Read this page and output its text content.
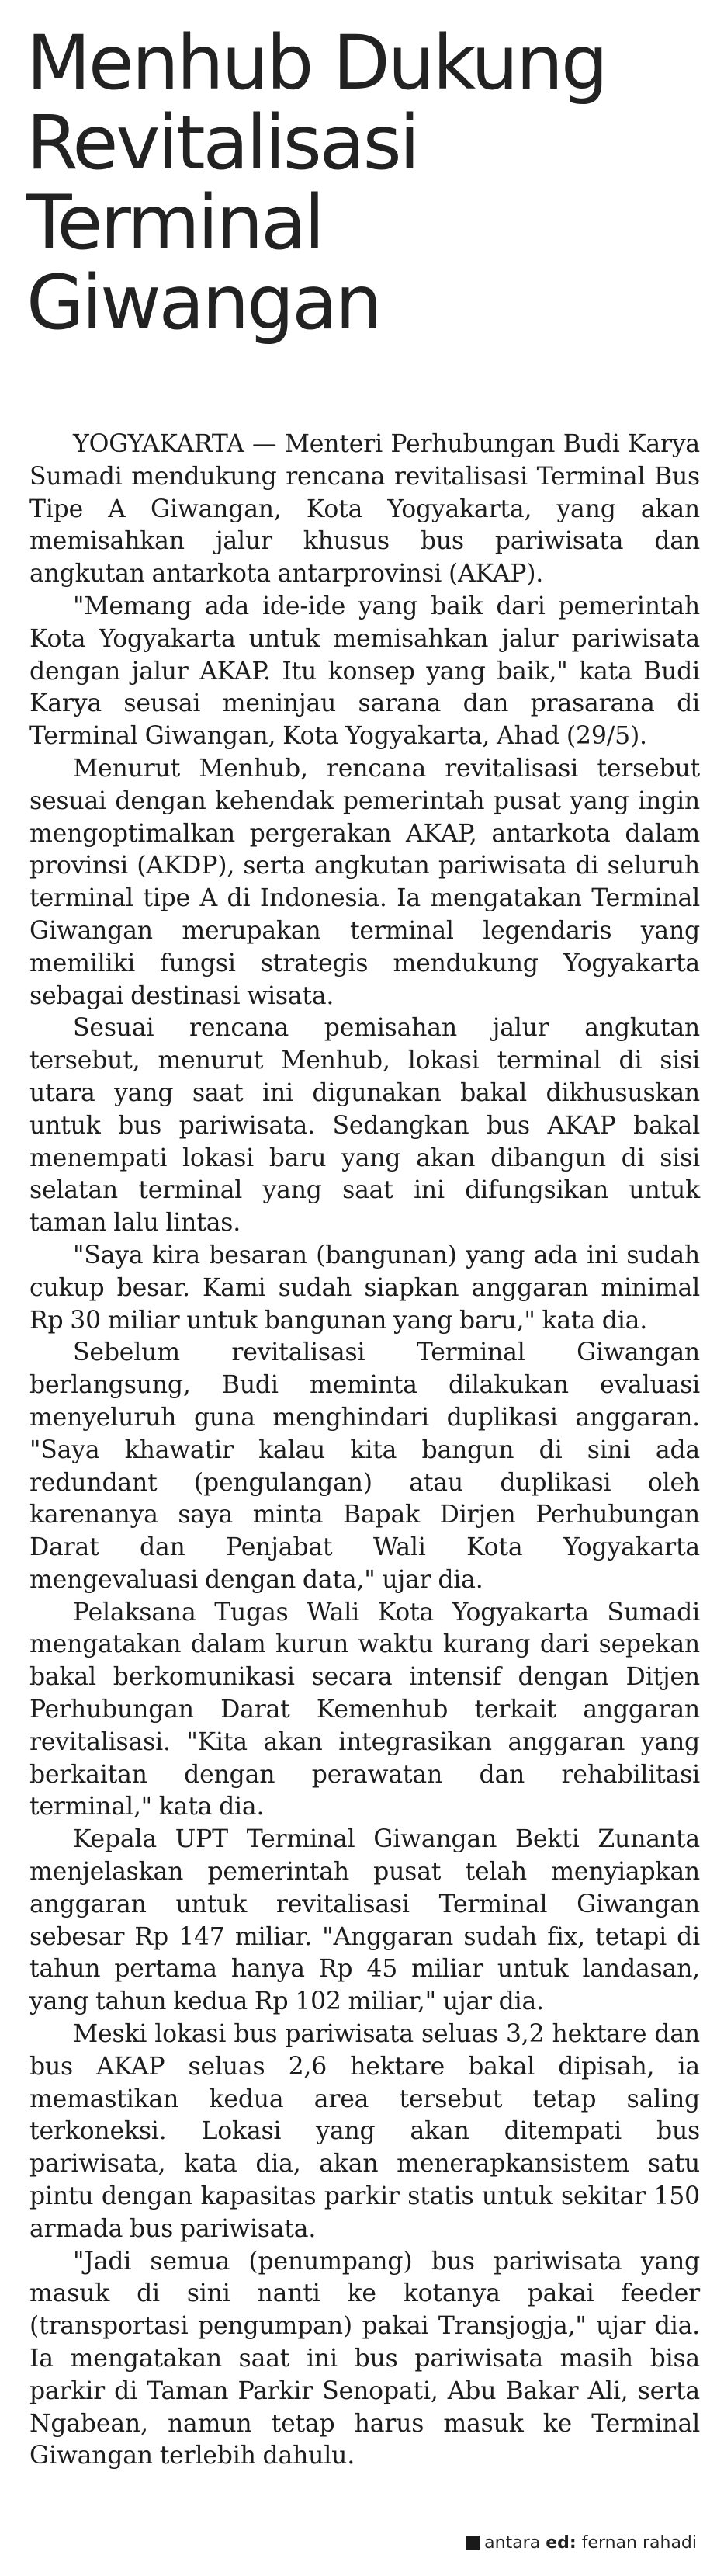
Menhub Dukung
Revitalisasi
Terminal
Giwangan

YOGYAKARTA — Menteri Perhubungan Budi Karya Sumadi mendukung rencana revitalisasi Terminal Bus Tipe A Giwangan, Kota Yogyakarta, yang akan memisahkan jalur khusus bus pariwisata dan angkutan antarkota antarprovinsi (AKAP).

"Memang ada ide-ide yang baik dari pemerintah Kota Yogyakarta untuk memisahkan jalur pariwisata dengan jalur AKAP. Itu konsep yang baik," kata Budi Karya seusai meninjau sarana dan prasarana di Terminal Giwangan, Kota Yogyakarta, Ahad (29/5).

Menurut Menhub, rencana revitalisasi tersebut sesuai dengan kehendak pemerintah pusat yang ingin mengoptimalkan pergerakan AKAP, antarkota dalam provinsi (AKDP), serta angkutan pariwisata di seluruh terminal tipe A di Indonesia. Ia mengatakan Terminal Giwangan merupakan terminal legendaris yang memiliki fungsi strategis mendukung Yogyakarta sebagai destinasi wisata.

Sesuai rencana pemisahan jalur angkutan tersebut, menurut Menhub, lokasi terminal di sisi utara yang saat ini digunakan bakal dikhususkan untuk bus pariwisata. Sedangkan bus AKAP bakal menempati lokasi baru yang akan dibangun di sisi selatan terminal yang saat ini difungsikan untuk taman lalu lintas.

"Saya kira besaran (bangunan) yang ada ini sudah cukup besar. Kami sudah siapkan anggaran minimal Rp 30 miliar untuk bangunan yang baru," kata dia.

Sebelum revitalisasi Terminal Giwangan berlangsung, Budi meminta dilakukan evaluasi menyeluruh guna menghindari duplikasi anggaran. "Saya khawatir kalau kita bangun di sini ada redundant (pengulangan) atau duplikasi oleh karenanya saya minta Bapak Dirjen Perhubungan Darat dan Penjabat Wali Kota Yogyakarta mengevaluasi dengan data," ujar dia.

Pelaksana Tugas Wali Kota Yogyakarta Sumadi mengatakan dalam kurun waktu kurang dari sepekan bakal berkomunikasi secara intensif dengan Ditjen Perhubungan Darat Kemenhub terkait anggaran revitalisasi. "Kita akan integrasikan anggaran yang berkaitan dengan perawatan dan rehabilitasi terminal," kata dia.

Kepala UPT Terminal Giwangan Bekti Zunanta menjelaskan pemerintah pusat telah menyiapkan anggaran untuk revitalisasi Terminal Giwangan sebesar Rp 147 miliar. "Anggaran sudah fix, tetapi di tahun pertama hanya Rp 45 miliar untuk landasan, yang tahun kedua Rp 102 miliar," ujar dia.

Meski lokasi bus pariwisata seluas 3,2 hektare dan bus AKAP seluas 2,6 hektare bakal dipisah, ia memastikan kedua area tersebut tetap saling terkoneksi. Lokasi yang akan ditempati bus pariwisata, kata dia, akan menerapkansistem satu pintu dengan kapasitas parkir statis untuk sekitar 150 armada bus pariwisata.

"Jadi semua (penumpang) bus pariwisata yang masuk di sini nanti ke kotanya pakai feeder (transportasi pengumpan) pakai Transjogja," ujar dia. Ia mengatakan saat ini bus pariwisata masih bisa parkir di Taman Parkir Senopati, Abu Bakar Ali, serta Ngabean, namun tetap harus masuk ke Terminal Giwangan terlebih dahulu.

antara ed: fernan rahadi
